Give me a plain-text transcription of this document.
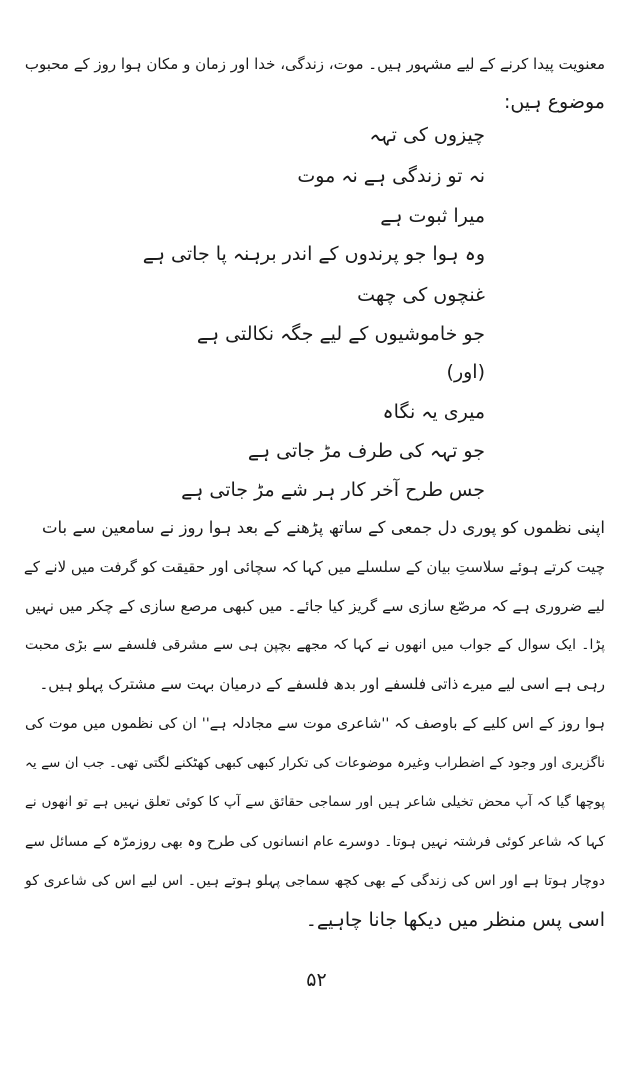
معنویت پیدا کرنے کے لیے مشہور ہیں۔ موت، زندگی، خدا اور زمان و مکان ہوا روز کے محبوب
موضوع ہیں:
چیزوں کی تہہ
نہ تو زندگی ہے نہ موت
میرا ثبوت ہے
وہ ہوا جو پرندوں کے اندر برہنہ پا جاتی ہے
غنچوں کی چھت
جو خاموشیوں کے لیے جگہ نکالتی ہے
(اور)
میری یہ نگاہ
جو تہہ کی طرف مڑ جاتی ہے
جس طرح آخر کار ہر شے مڑ جاتی ہے
اپنی نظموں کو پوری دل جمعی کے ساتھ پڑھنے کے بعد ہوا روز نے سامعین سے بات
چیت کرتے ہوئے سلاستِ بیان کے سلسلے میں کہا کہ سچائی اور حقیقت کو گرفت میں لانے کے
لیے ضروری ہے کہ مرصّع سازی سے گریز کیا جائے۔ میں کبھی مرصع سازی کے چکر میں نہیں
پڑا۔ ایک سوال کے جواب میں انھوں نے کہا کہ مجھے بچپن ہی سے مشرقی فلسفے سے بڑی محبت
رہی ہے اسی لیے میرے ذاتی فلسفے اور بدھ فلسفے کے درمیان بہت سے مشترک پہلو ہیں۔
ہوا روز کے اس کلیے کے باوصف کہ ''شاعری موت سے مجادلہ ہے'' ان کی نظموں میں موت کی
ناگزیری اور وجود کے اضطراب وغیرہ موضوعات کی تکرار کبھی کبھی کھٹکنے لگتی تھی۔ جب ان سے یہ
پوچھا گیا کہ آپ محض تخیلی شاعر ہیں اور سماجی حقائق سے آپ کا کوئی تعلق نہیں ہے تو انھوں نے
کہا کہ شاعر کوئی فرشتہ نہیں ہوتا۔ دوسرے عام انسانوں کی طرح وہ بھی روزمرّہ کے مسائل سے
دوچار ہوتا ہے اور اس کی زندگی کے بھی کچھ سماجی پہلو ہوتے ہیں۔ اس لیے اس کی شاعری کو
اسی پس منظر میں دیکھا جانا چاہیے۔
۵۲
